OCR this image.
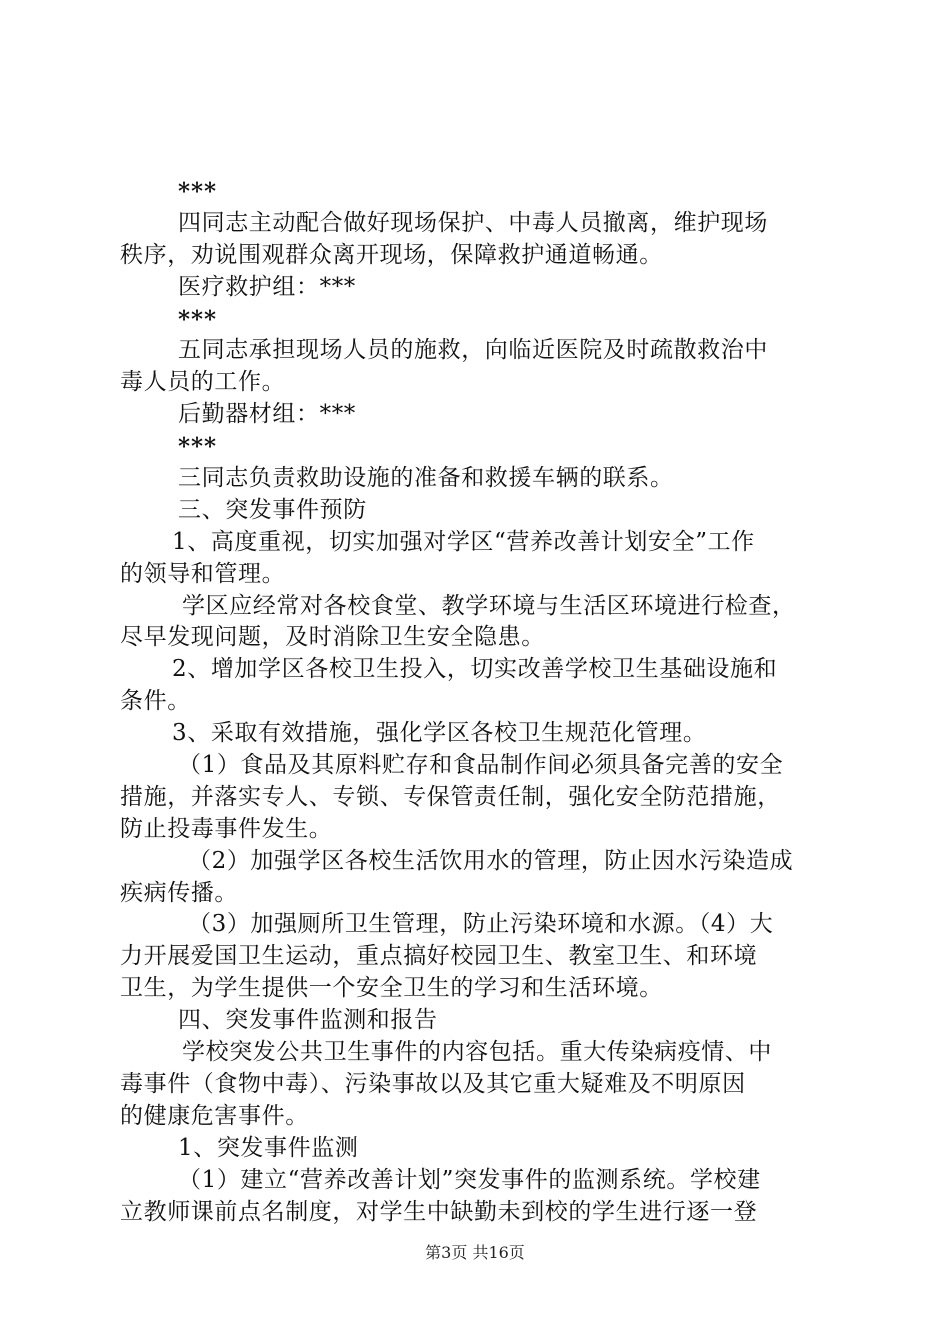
***
四同志主动配合做好现场保护、中毒人员撤离，维护现场
秩序，劝说围观群众离开现场，保障救护通道畅通。
医疗救护组：***
***
五同志承担现场人员的施救，向临近医院及时疏散救治中
毒人员的工作。
后勤器材组：***
***
三同志负责救助设施的准备和救援车辆的联系。
三、突发事件预防
1、高度重视，切实加强对学区“营养改善计划安全”工作
的领导和管理。
学区应经常对各校食堂、教学环境与生活区环境进行检查，
尽早发现问题，及时消除卫生安全隐患。
2、增加学区各校卫生投入，切实改善学校卫生基础设施和
条件。
3、采取有效措施，强化学区各校卫生规范化管理。
（1）食品及其原料贮存和食品制作间必须具备完善的安全
措施，并落实专人、专锁、专保管责任制，强化安全防范措施，
防止投毒事件发生。
（2）加强学区各校生活饮用水的管理，防止因水污染造成
疾病传播。
（3）加强厕所卫生管理，防止污染环境和水源。（4）大
力开展爱国卫生运动，重点搞好校园卫生、教室卫生、和环境
卫生，为学生提供一个安全卫生的学习和生活环境。
四、突发事件监测和报告
学校突发公共卫生事件的内容包括。重大传染病疫情、中
毒事件（食物中毒）、污染事故以及其它重大疑难及不明原因
的健康危害事件。
1、突发事件监测
（1）建立“营养改善计划”突发事件的监测系统。学校建
立教师课前点名制度，对学生中缺勤未到校的学生进行逐一登
第3页 共16页
